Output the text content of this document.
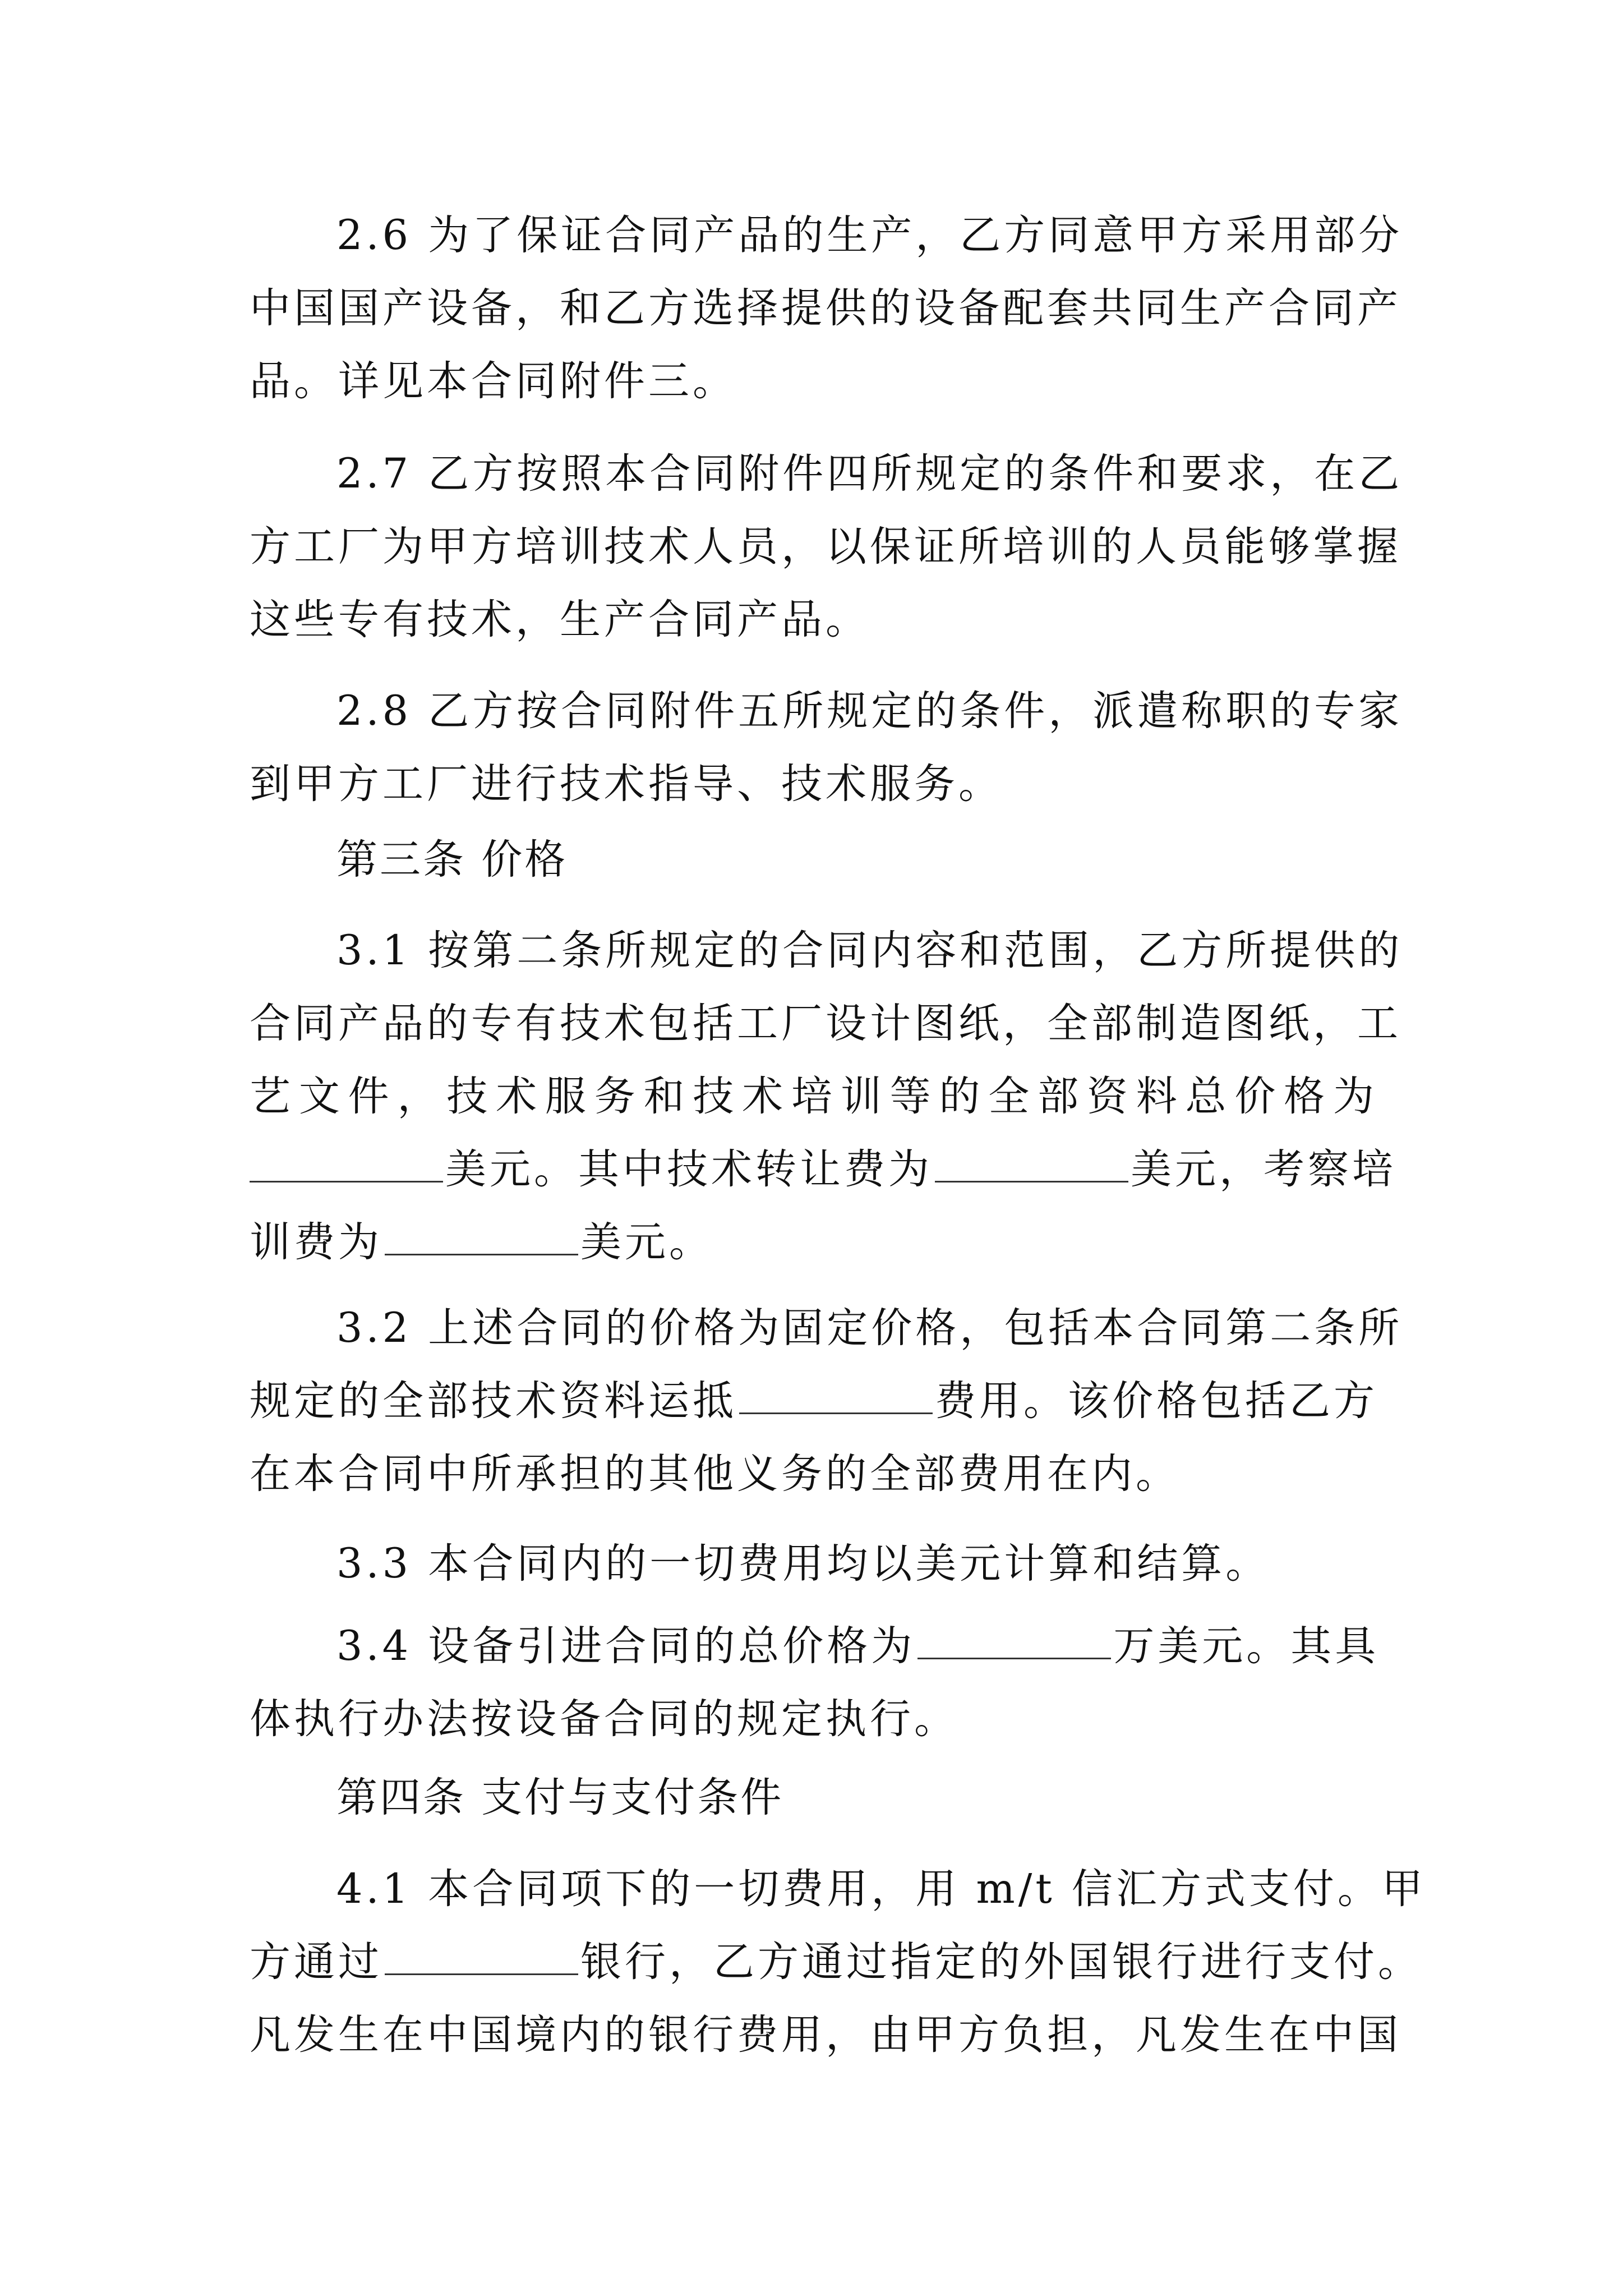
2.6 为了保证合同产品的生产，乙方同意甲方采用部分
中国国产设备，和乙方选择提供的设备配套共同生产合同产
品。详见本合同附件三。
2.7 乙方按照本合同附件四所规定的条件和要求，在乙
方工厂为甲方培训技术人员，以保证所培训的人员能够掌握
这些专有技术，生产合同产品。
2.8 乙方按合同附件五所规定的条件，派遣称职的专家
到甲方工厂进行技术指导、技术服务。
第三条 价格
3.1 按第二条所规定的合同内容和范围，乙方所提供的
合同产品的专有技术包括工厂设计图纸，全部制造图纸，工
艺文件，技术服务和技术培训等的全部资料总价格为
美元。其中技术转让费为	美元，考察培
训费为	美元。
3.2 上述合同的价格为固定价格，包括本合同第二条所
规定的全部技术资料运抵	费用。该价格包括乙方
在本合同中所承担的其他义务的全部费用在内。
3.3 本合同内的一切费用均以美元计算和结算。
3.4 设备引进合同的总价格为	万美元。其具
体执行办法按设备合同的规定执行。
第四条 支付与支付条件
4.1 本合同项下的一切费用，用 m/t 信汇方式支付。甲
方通过	银行，乙方通过指定的外国银行进行支付。
凡发生在中国境内的银行费用，由甲方负担，凡发生在中国
